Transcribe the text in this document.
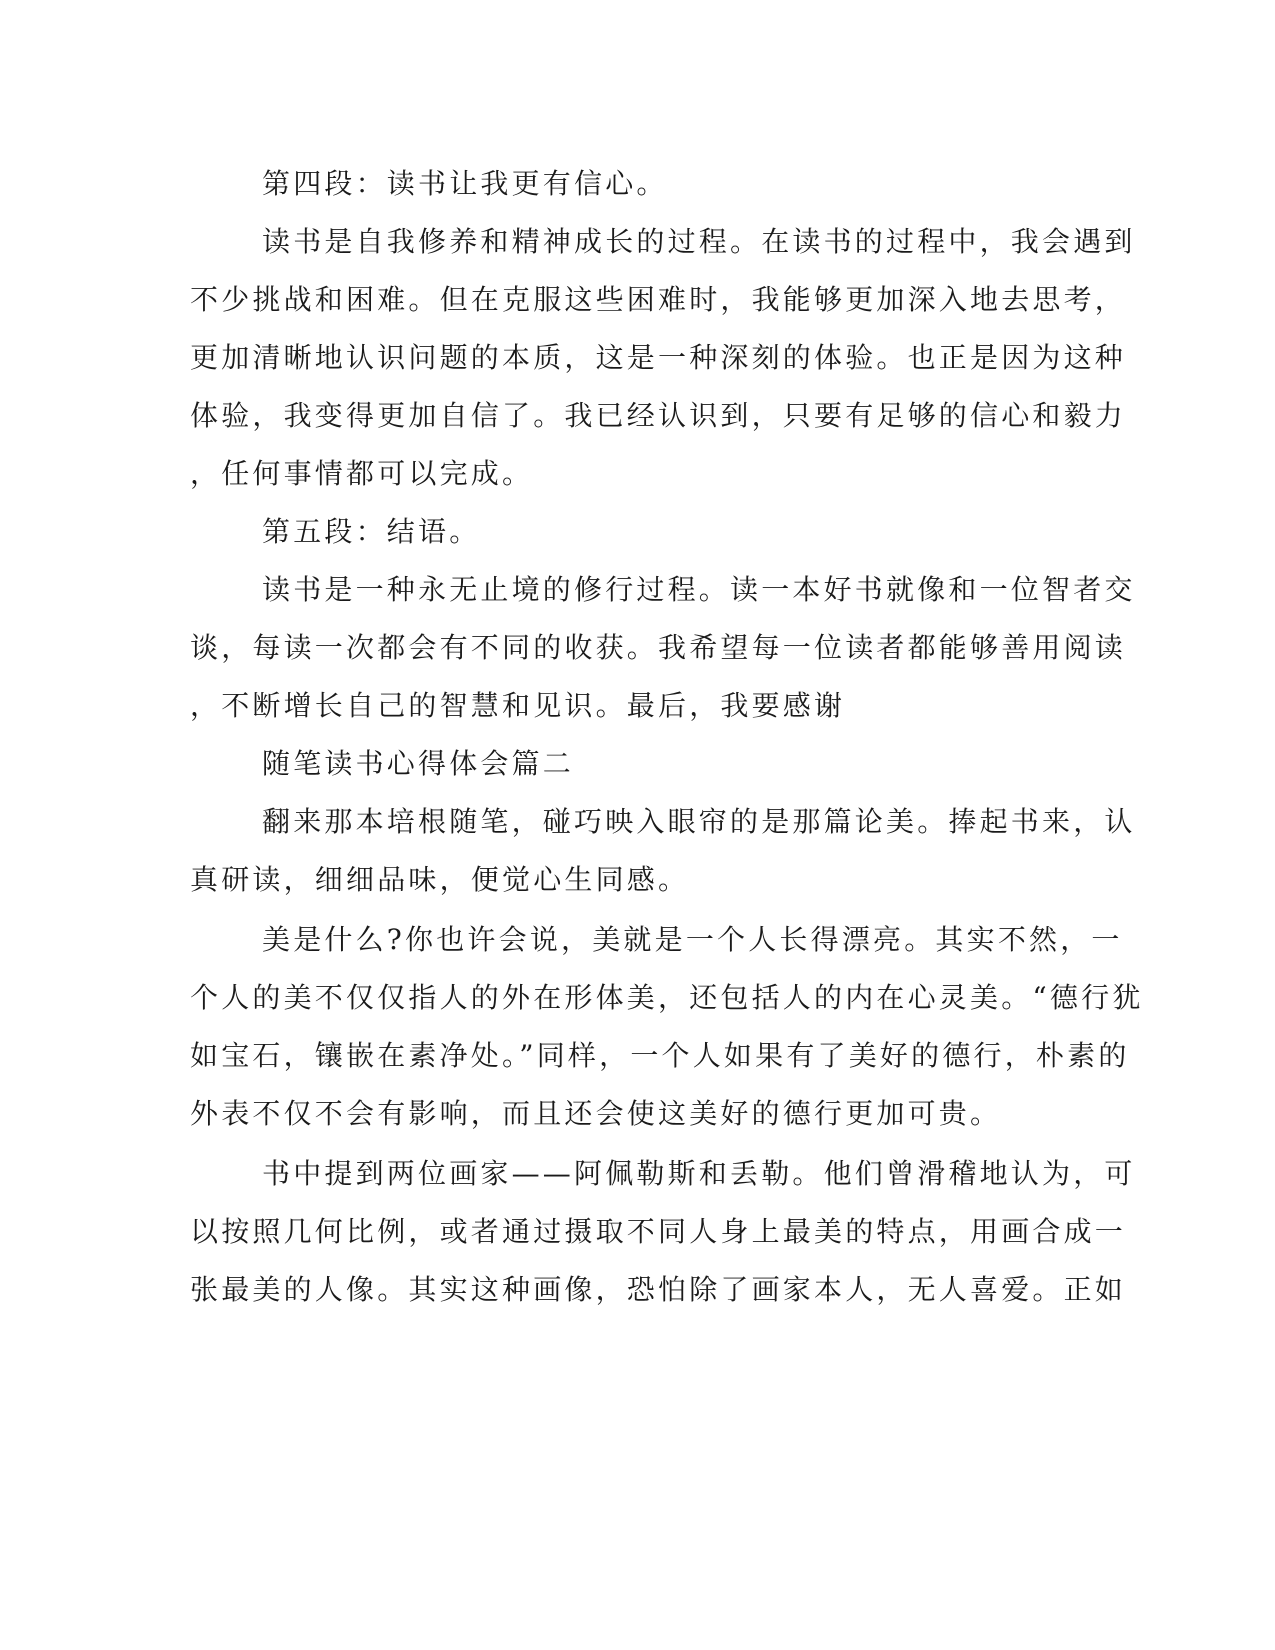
第四段：读书让我更有信心。
读书是自我修养和精神成长的过程。在读书的过程中，我会遇到
不少挑战和困难。但在克服这些困难时，我能够更加深入地去思考，
更加清晰地认识问题的本质，这是一种深刻的体验。也正是因为这种
体验，我变得更加自信了。我已经认识到，只要有足够的信心和毅力
，任何事情都可以完成。
第五段：结语。
读书是一种永无止境的修行过程。读一本好书就像和一位智者交
谈，每读一次都会有不同的收获。我希望每一位读者都能够善用阅读
，不断增长自己的智慧和见识。最后，我要感谢
随笔读书心得体会篇二
翻来那本培根随笔，碰巧映入眼帘的是那篇论美。捧起书来，认
真研读，细细品味，便觉心生同感。
美是什么?你也许会说，美就是一个人长得漂亮。其实不然，一
个人的美不仅仅指人的外在形体美，还包括人的内在心灵美。“德行犹
如宝石，镶嵌在素净处。”同样，一个人如果有了美好的德行，朴素的
外表不仅不会有影响，而且还会使这美好的德行更加可贵。
书中提到两位画家——阿佩勒斯和丢勒。他们曾滑稽地认为，可
以按照几何比例，或者通过摄取不同人身上最美的特点，用画合成一
张最美的人像。其实这种画像，恐怕除了画家本人，无人喜爱。正如
